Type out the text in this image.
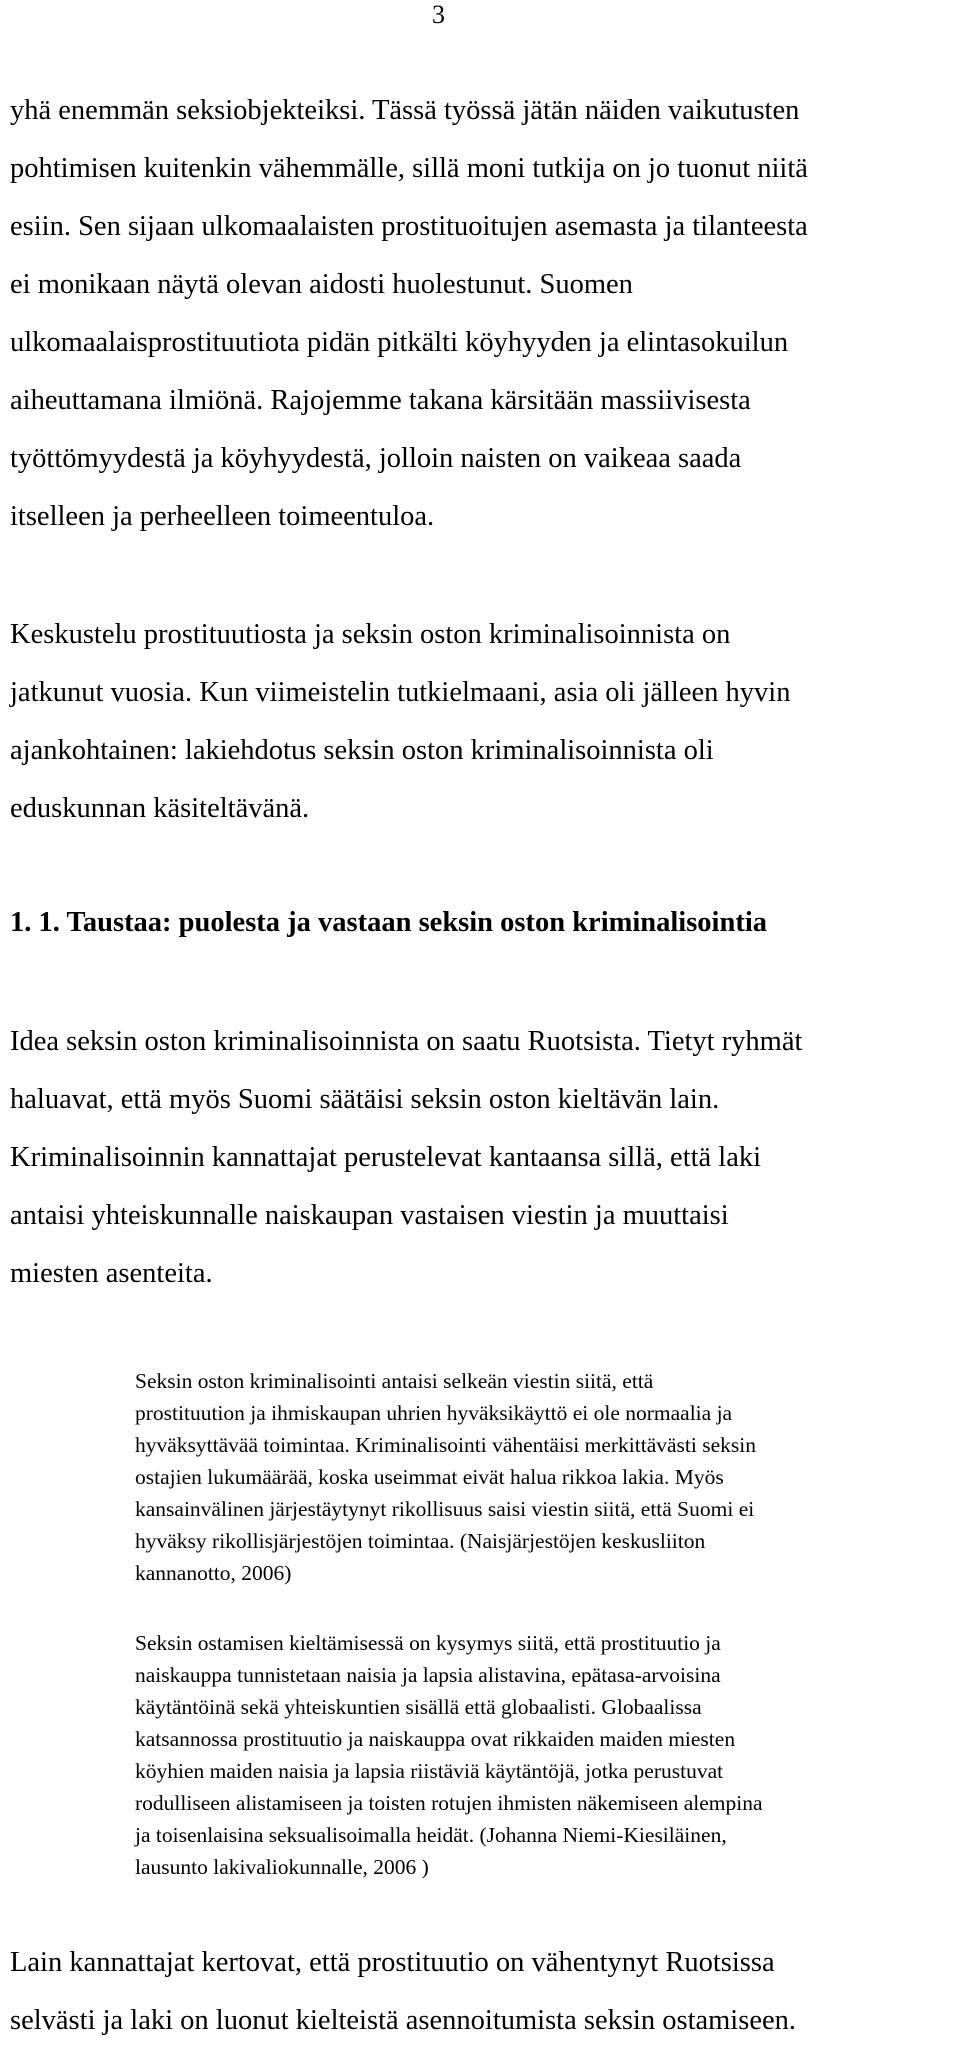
3
yhä enemmän seksiobjekteiksi. Tässä työssä jätän näiden vaikutusten
pohtimisen kuitenkin vähemmälle, sillä moni tutkija on jo tuonut niitä
esiin. Sen sijaan ulkomaalaisten prostituoitujen asemasta ja tilanteesta
ei monikaan näytä olevan aidosti huolestunut. Suomen
ulkomaalaisprostituutiota pidän pitkälti köyhyyden ja elintasokuilun
aiheuttamana ilmiönä. Rajojemme takana kärsitään massiivisesta
työttömyydestä ja köyhyydestä, jolloin naisten on vaikeaa saada
itselleen ja perheelleen toimeentuloa.
Keskustelu prostituutiosta ja seksin oston kriminalisoinnista on
jatkunut vuosia. Kun viimeistelin tutkielmaani, asia oli jälleen hyvin
ajankohtainen: lakiehdotus seksin oston kriminalisoinnista oli
eduskunnan käsiteltävänä.
1. 1. Taustaa: puolesta ja vastaan seksin oston kriminalisointia
Idea seksin oston kriminalisoinnista on saatu Ruotsista. Tietyt ryhmät
haluavat, että myös Suomi säätäisi seksin oston kieltävän lain.
Kriminalisoinnin kannattajat perustelevat kantaansa sillä, että laki
antaisi yhteiskunnalle naiskaupan vastaisen viestin ja muuttaisi
miesten asenteita.
Seksin oston kriminalisointi antaisi selkeän viestin siitä, että
prostituution ja ihmiskaupan uhrien hyväksikäyttö ei ole normaalia ja
hyväksyttävää toimintaa. Kriminalisointi vähentäisi merkittävästi seksin
ostajien lukumäärää, koska useimmat eivät halua rikkoa lakia. Myös
kansainvälinen järjestäytynyt rikollisuus saisi viestin siitä, että Suomi ei
hyväksy rikollisjärjestöjen toimintaa. (Naisjärjestöjen keskusliiton
kannanotto, 2006)
Seksin ostamisen kieltämisessä on kysymys siitä, että prostituutio ja
naiskauppa tunnistetaan naisia ja lapsia alistavina, epätasa-arvoisina
käytäntöinä sekä yhteiskuntien sisällä että globaalisti. Globaalissa
katsannossa prostituutio ja naiskauppa ovat rikkaiden maiden miesten
köyhien maiden naisia ja lapsia riistäviä käytäntöjä, jotka perustuvat
rodulliseen alistamiseen ja toisten rotujen ihmisten näkemiseen alempina
ja toisenlaisina seksualisoimalla heidät. (Johanna Niemi-Kiesiläinen,
lausunto lakivaliokunnalle, 2006 )
Lain kannattajat kertovat, että prostituutio on vähentynyt Ruotsissa
selvästi ja laki on luonut kielteistä asennoitumista seksin ostamiseen.
